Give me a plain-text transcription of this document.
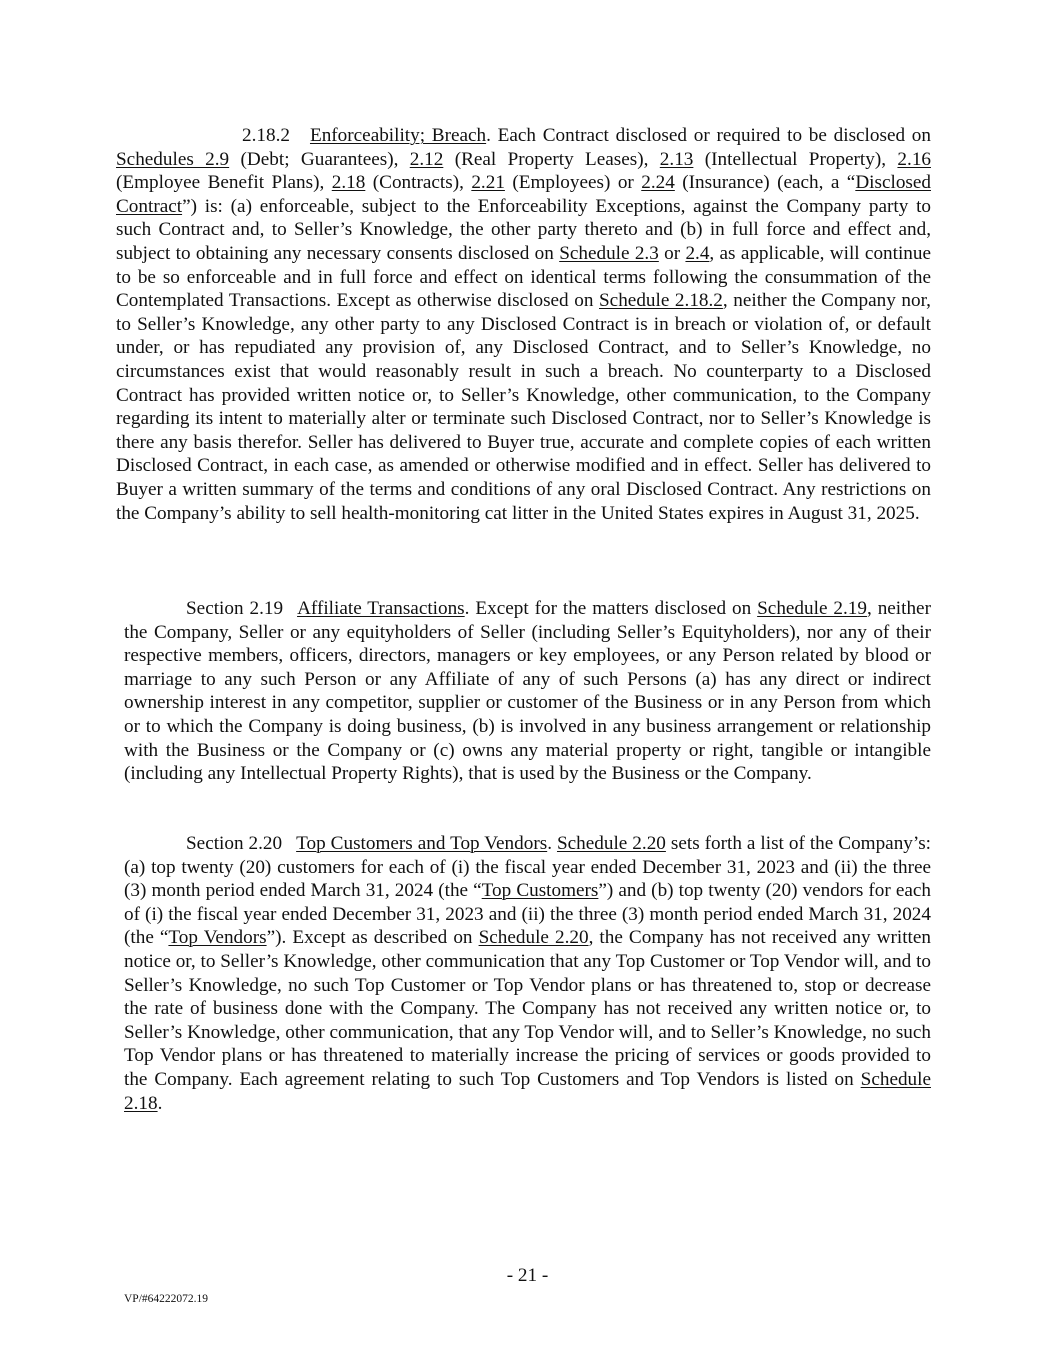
2.18.2 Enforceability; Breach. Each Contract disclosed or required to be disclosed on Schedules 2.9 (Debt; Guarantees), 2.12 (Real Property Leases), 2.13 (Intellectual Property), 2.16 (Employee Benefit Plans), 2.18 (Contracts), 2.21 (Employees) or 2.24 (Insurance) (each, a “Disclosed Contract”) is: (a) enforceable, subject to the Enforceability Exceptions, against the Company party to such Contract and, to Seller’s Knowledge, the other party thereto and (b) in full force and effect and, subject to obtaining any necessary consents disclosed on Schedule 2.3 or 2.4, as applicable, will continue to be so enforceable and in full force and effect on identical terms following the consummation of the Contemplated Transactions. Except as otherwise disclosed on Schedule 2.18.2, neither the Company nor, to Seller’s Knowledge, any other party to any Disclosed Contract is in breach or violation of, or default under, or has repudiated any provision of, any Disclosed Contract, and to Seller’s Knowledge, no circumstances exist that would reasonably result in such a breach. No counterparty to a Disclosed Contract has provided written notice or, to Seller’s Knowledge, other communication, to the Company regarding its intent to materially alter or terminate such Disclosed Contract, nor to Seller’s Knowledge is there any basis therefor. Seller has delivered to Buyer true, accurate and complete copies of each written Disclosed Contract, in each case, as amended or otherwise modified and in effect. Seller has delivered to Buyer a written summary of the terms and conditions of any oral Disclosed Contract. Any restrictions on the Company’s ability to sell health-monitoring cat litter in the United States expires in August 31, 2025.

Section 2.19 Affiliate Transactions. Except for the matters disclosed on Schedule 2.19, neither the Company, Seller or any equityholders of Seller (including Seller’s Equityholders), nor any of their respective members, officers, directors, managers or key employees, or any Person related by blood or marriage to any such Person or any Affiliate of any of such Persons (a) has any direct or indirect ownership interest in any competitor, supplier or customer of the Business or in any Person from which or to which the Company is doing business, (b) is involved in any business arrangement or relationship with the Business or the Company or (c) owns any material property or right, tangible or intangible (including any Intellectual Property Rights), that is used by the Business or the Company.

Section 2.20 Top Customers and Top Vendors. Schedule 2.20 sets forth a list of the Company’s: (a) top twenty (20) customers for each of (i) the fiscal year ended December 31, 2023 and (ii) the three (3) month period ended March 31, 2024 (the “Top Customers”) and (b) top twenty (20) vendors for each of (i) the fiscal year ended December 31, 2023 and (ii) the three (3) month period ended March 31, 2024 (the “Top Vendors”). Except as described on Schedule 2.20, the Company has not received any written notice or, to Seller’s Knowledge, other communication that any Top Customer or Top Vendor will, and to Seller’s Knowledge, no such Top Customer or Top Vendor plans or has threatened to, stop or decrease the rate of business done with the Company. The Company has not received any written notice or, to Seller’s Knowledge, other communication, that any Top Vendor will, and to Seller’s Knowledge, no such Top Vendor plans or has threatened to materially increase the pricing of services or goods provided to the Company. Each agreement relating to such Top Customers and Top Vendors is listed on Schedule 2.18.

- 21 -
VP/#64222072.19
